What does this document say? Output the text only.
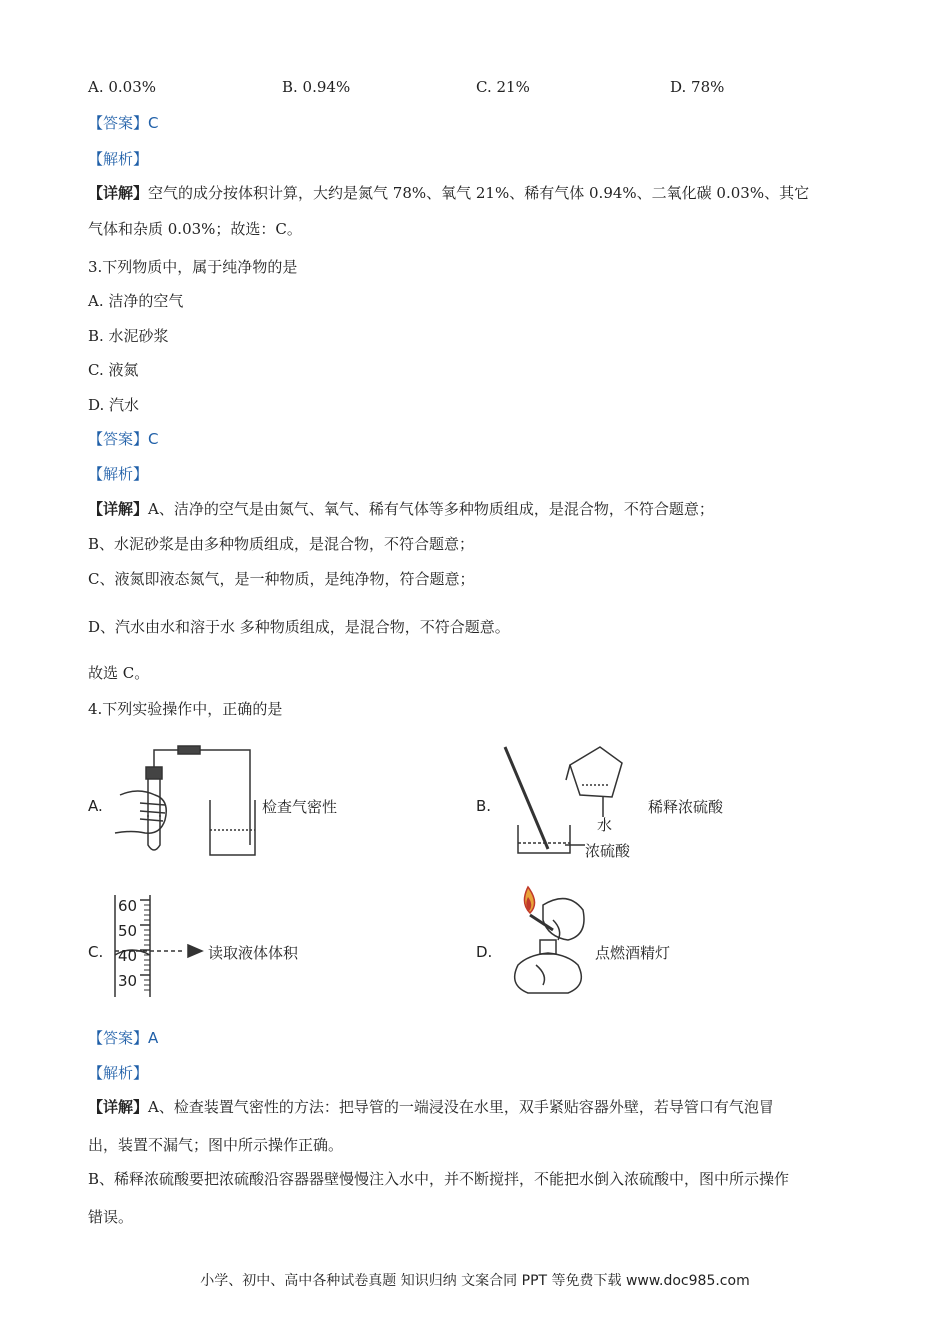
A. 0.03%	B. 0.94%	C. 21%	D. 78%
【答案】C
【解析】
【详解】空气的成分按体积计算，大约是氮气 78%、氧气 21%、稀有气体 0.94%、二氧化碳 0.03%、其它
气体和杂质 0.03%；故选：C。
3.下列物质中，属于纯净物的是
A. 洁净的空气
B. 水泥砂浆
C. 液氮
D. 汽水
【答案】C
【解析】
【详解】A、洁净的空气是由氮气、氧气、稀有气体等多种物质组成，是混合物，不符合题意；
B、水泥砂浆是由多种物质组成，是混合物，不符合题意；
C、液氮即液态氮气，是一种物质，是纯净物，符合题意；
D、汽水由水和溶于水 多种物质组成，是混合物，不符合题意。
故选 C。
4.下列实验操作中，正确的是
A.	检查气密性	B.
水
浓硫酸
稀释浓硫酸
C.
60
50
40
30
读取液体体积	D.	点燃酒精灯
【答案】A
【解析】
【详解】A、检查装置气密性的方法：把导管的一端浸没在水里，双手紧贴容器外壁，若导管口有气泡冒
出，装置不漏气；图中所示操作正确。
B、稀释浓硫酸要把浓硫酸沿容器器壁慢慢注入水中，并不断搅拌，不能把水倒入浓硫酸中，图中所示操作
错误。
小学、初中、高中各种试卷真题 知识归纳 文案合同 PPT 等免费下载 www.doc985.com
